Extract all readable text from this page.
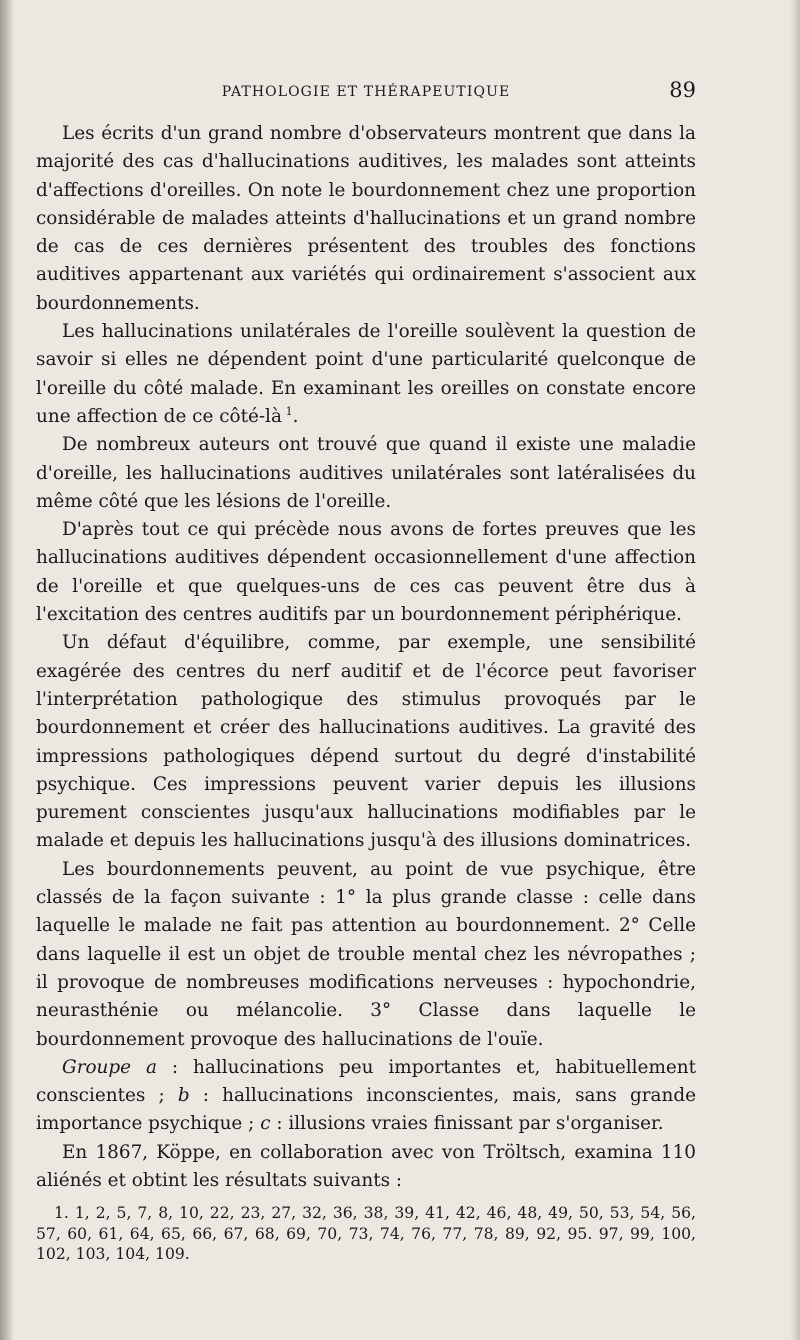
PATHOLOGIE ET THÉRAPEUTIQUE	89

Les écrits d'un grand nombre d'observateurs montrent que dans la majorité des cas d'hallucinations auditives, les malades sont atteints d'affections d'oreilles. On note le bourdonnement chez une proportion considérable de malades atteints d'hallucinations et un grand nombre de cas de ces dernières présentent des troubles des fonctions auditives appartenant aux variétés qui ordinairement s'associent aux bourdonnements.

Les hallucinations unilatérales de l'oreille soulèvent la question de savoir si elles ne dépendent point d'une particularité quelconque de l'oreille du côté malade. En examinant les oreilles on constate encore une affection de ce côté-là  $^1$.

De nombreux auteurs ont trouvé que quand il existe une maladie d'oreille, les hallucinations auditives unilatérales sont latéralisées du même côté que les lésions de l'oreille.

D'après tout ce qui précède nous avons de fortes preuves que les hallucinations auditives dépendent occasionnellement d'une affection de l'oreille et que quelques-uns de ces cas peuvent être dus à l'excitation des centres auditifs par un bourdonnement périphérique.

Un défaut d'équilibre, comme, par exemple, une sensibilité exagérée des centres du nerf auditif et de l'écorce peut favoriser l'interprétation pathologique des stimulus provoqués par le bourdonnement et créer des hallucinations auditives. La gravité des impressions pathologiques dépend surtout du degré d'instabilité psychique. Ces impressions peuvent varier depuis les illusions purement conscientes jusqu'aux hallucinations modifiables par le malade et depuis les hallucinations jusqu'à des illusions dominatrices.

Les bourdonnements peuvent, au point de vue psychique, être classés de la façon suivante : 1° la plus grande classe : celle dans laquelle le malade ne fait pas attention au bourdonnement. 2° Celle dans laquelle il est un objet de trouble mental chez les névropathes ; il provoque de nombreuses modifications nerveuses : hypochondrie, neurasthénie ou mélancolie. 3° Classe dans laquelle le bourdonnement provoque des hallucinations de l'ouïe.

Groupe a : hallucinations peu importantes et, habituellement conscientes ; b : hallucinations inconscientes, mais, sans grande importance psychique ; c : illusions vraies finissant par s'organiser.

En 1867, Köppe, en collaboration avec von Tröltsch, examina 110 aliénés et obtint les résultats suivants :

1. 1, 2, 5, 7, 8, 10, 22, 23, 27, 32, 36, 38, 39, 41, 42, 46, 48, 49, 50, 53, 54, 56, 57, 60, 61, 64, 65, 66, 67, 68, 69, 70, 73, 74, 76, 77, 78, 89, 92, 95. 97, 99, 100, 102, 103, 104, 109.
